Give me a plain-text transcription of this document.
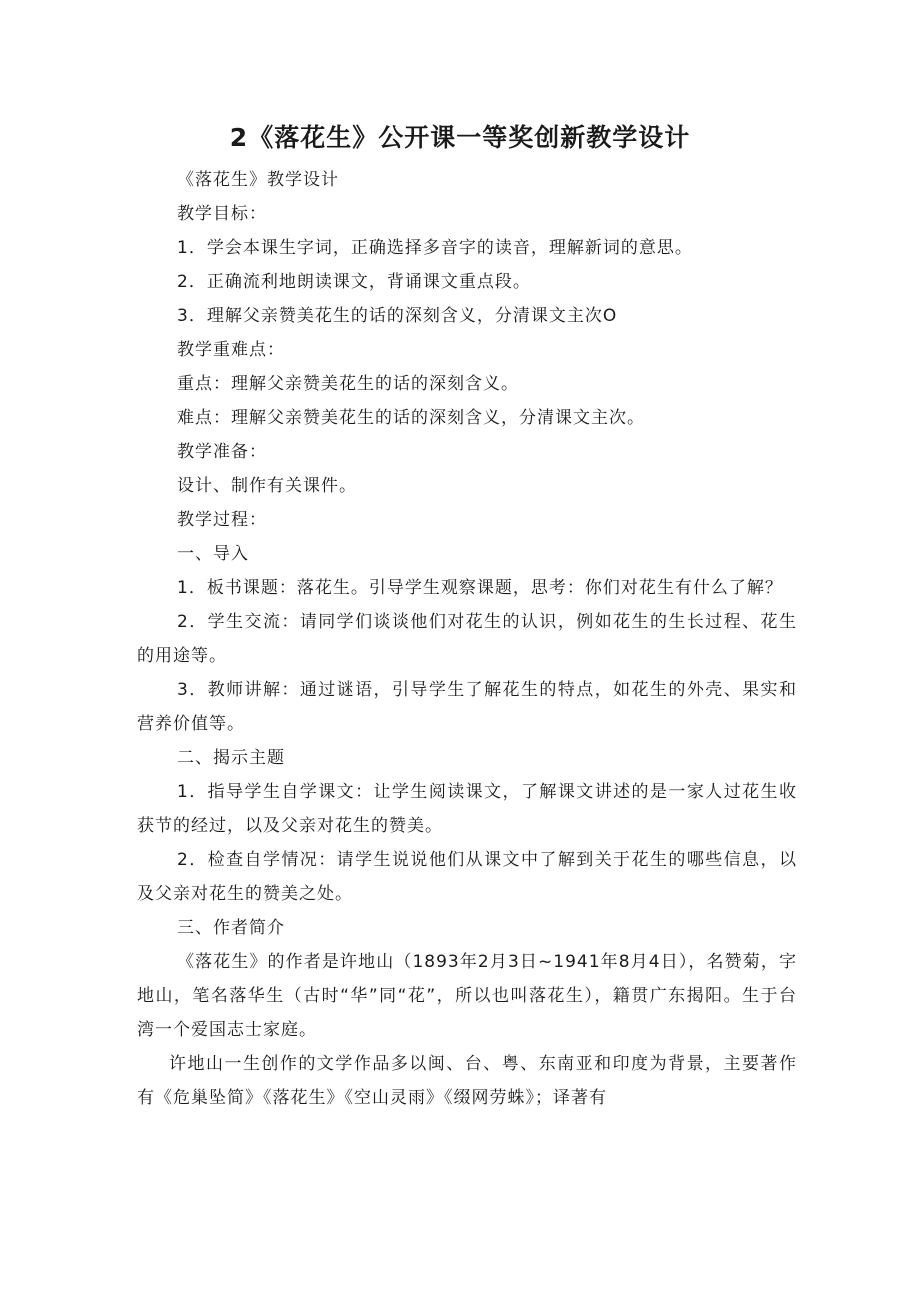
2《落花生》公开课一等奖创新教学设计

《落花生》教学设计

教学目标：

1．学会本课生字词，正确选择多音字的读音，理解新词的意思。

2．正确流利地朗读课文，背诵课文重点段。

3．理解父亲赞美花生的话的深刻含义，分清课文主次O

教学重难点：

重点：理解父亲赞美花生的话的深刻含义。

难点：理解父亲赞美花生的话的深刻含义，分清课文主次。

教学准备：

设计、制作有关课件。

教学过程：

一、导入

1．板书课题：落花生。引导学生观察课题，思考：你们对花生有什么了解？

2．学生交流：请同学们谈谈他们对花生的认识，例如花生的生长过程、花生的用途等。

3．教师讲解：通过谜语，引导学生了解花生的特点，如花生的外壳、果实和营养价值等。

二、揭示主题

1．指导学生自学课文：让学生阅读课文，了解课文讲述的是一家人过花生收获节的经过，以及父亲对花生的赞美。

2．检查自学情况：请学生说说他们从课文中了解到关于花生的哪些信息，以及父亲对花生的赞美之处。

三、作者简介

《落花生》的作者是许地山（1893年2月3日~1941年8月4日），名赞菊，字地山，笔名落华生（古时“华”同“花”，所以也叫落花生），籍贯广东揭阳。生于台湾一个爱国志士家庭。

许地山一生创作的文学作品多以闽、台、粤、东南亚和印度为背景，主要著作有《危巢坠简》《落花生》《空山灵雨》《缀网劳蛛》；译著有
